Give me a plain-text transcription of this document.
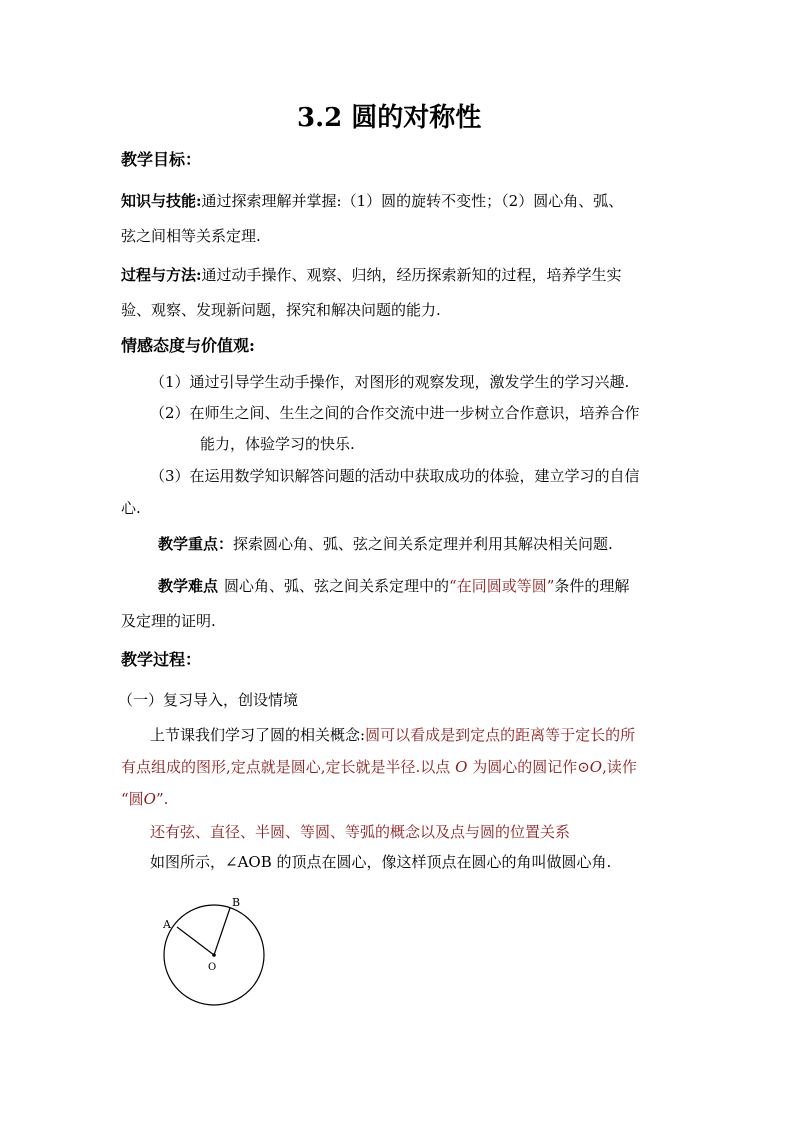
3.2 圆的对称性
教学目标：
知识与技能:通过探索理解并掌握:（1）圆的旋转不变性；（2）圆心角、弧、
弦之间相等关系定理.
过程与方法:通过动手操作、观察、归纳，经历探索新知的过程，培养学生实
验、观察、发现新问题，探究和解决问题的能力.
情感态度与价值观:
（1）通过引导学生动手操作，对图形的观察发现，激发学生的学习兴趣.
（2）在师生之间、生生之间的合作交流中进一步树立合作意识，培养合作
能力，体验学习的快乐.
（3）在运用数学知识解答问题的活动中获取成功的体验，建立学习的自信
心.
教学重点：探索圆心角、弧、弦之间关系定理并利用其解决相关问题.
教学难点 圆心角、弧、弦之间关系定理中的“在同圆或等圆”条件的理解
及定理的证明.
教学过程：
（一）复习导入，创设情境
上节课我们学习了圆的相关概念:圆可以看成是到定点的距离等于定长的所
有点组成的图形,定点就是圆心,定长就是半径.以点 O 为圆心的圆记作⊙O,读作
“圆O”.
还有弦、直径、半圆、等圆、等弧的概念以及点与圆的位置关系
如图所示，∠AOB 的顶点在圆心，像这样顶点在圆心的角叫做圆心角.
A
B
O
